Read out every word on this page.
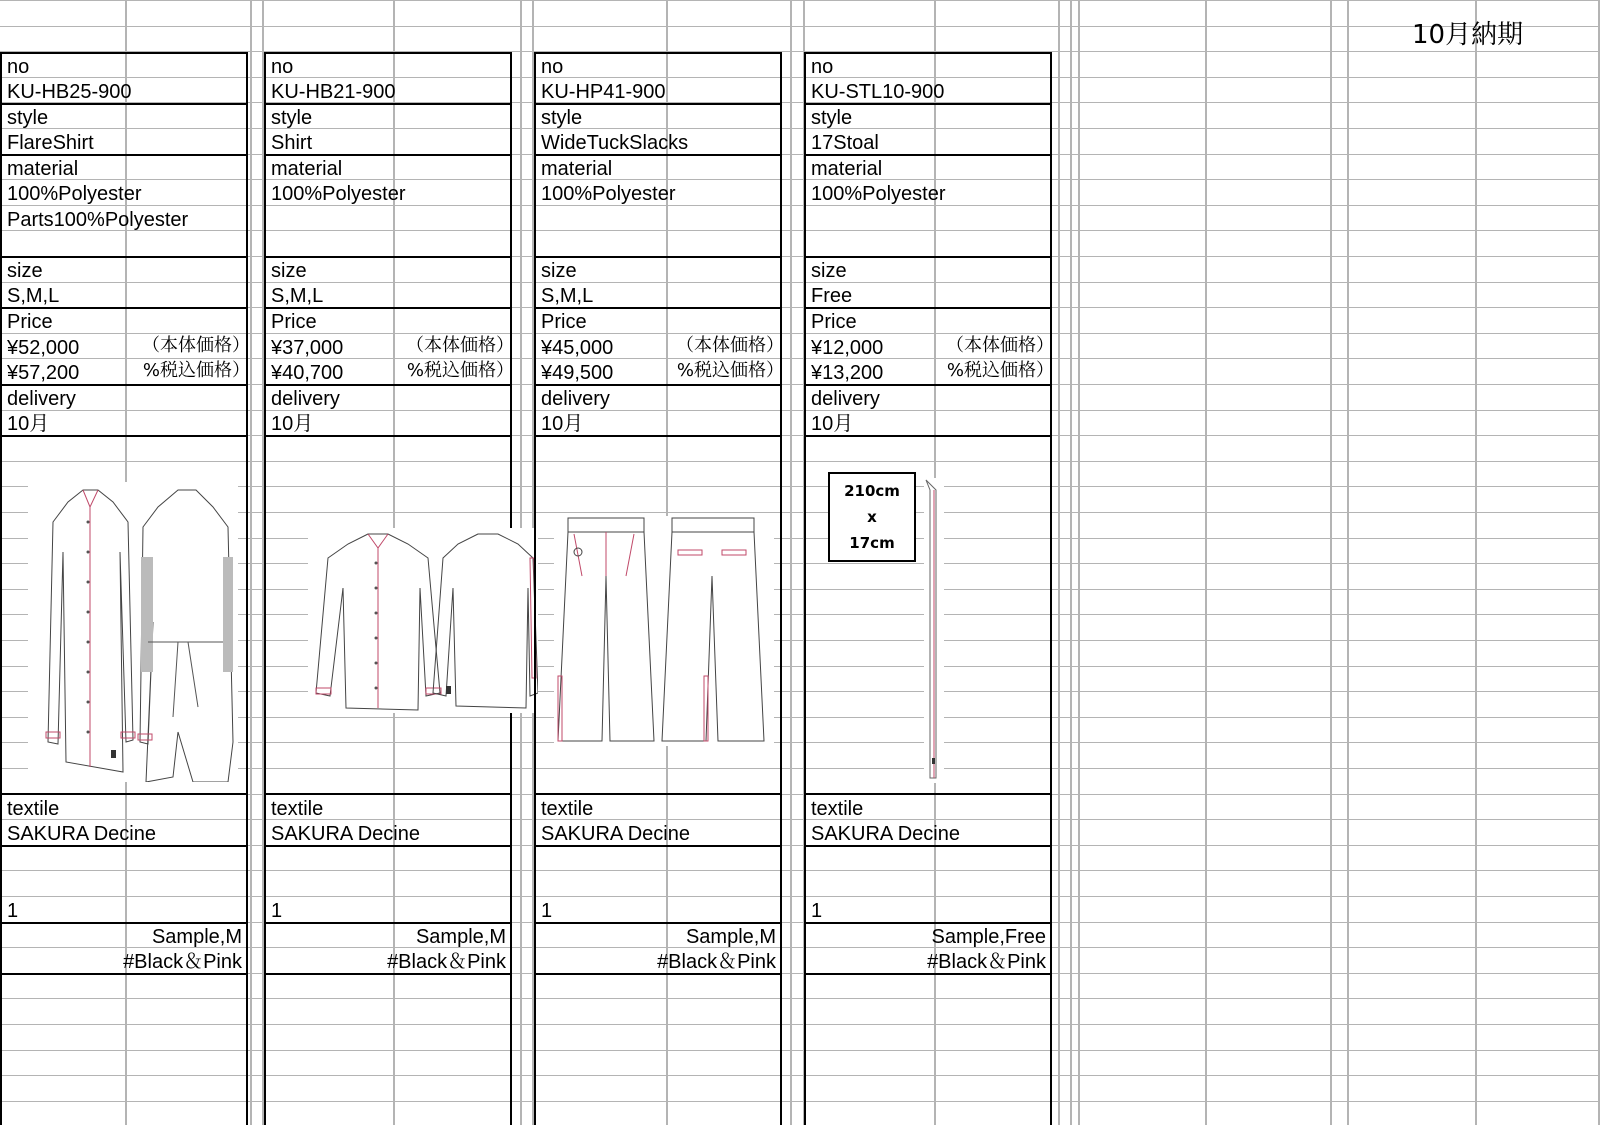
10月納期
no
KU-HB25-900
style
FlareShirt
material
100%Polyester
Parts100%Polyester
size
S,M,L
Price
¥52,000	（本体価格）
¥57,200	%税込価格）
delivery
10月
textile
SAKURA Decine
1
Sample,M
#Black＆Pink
no
KU-HB21-900
style
Shirt
material
100%Polyester
size
S,M,L
Price
¥37,000	（本体価格）
¥40,700	%税込価格）
delivery
10月
textile
SAKURA Decine
1
Sample,M
#Black＆Pink
no
KU-HP41-900
style
WideTuckSlacks
material
100%Polyester
size
S,M,L
Price
¥45,000	（本体価格）
¥49,500	%税込価格）
delivery
10月
textile
SAKURA Decine
1
Sample,M
#Black＆Pink
no
KU-STL10-900
style
17Stoal
material
100%Polyester
size
Free
Price
¥12,000	（本体価格）
¥13,200	%税込価格）
delivery
10月
210cm
x
17cm
textile
SAKURA Decine
1
Sample,Free
#Black＆Pink
